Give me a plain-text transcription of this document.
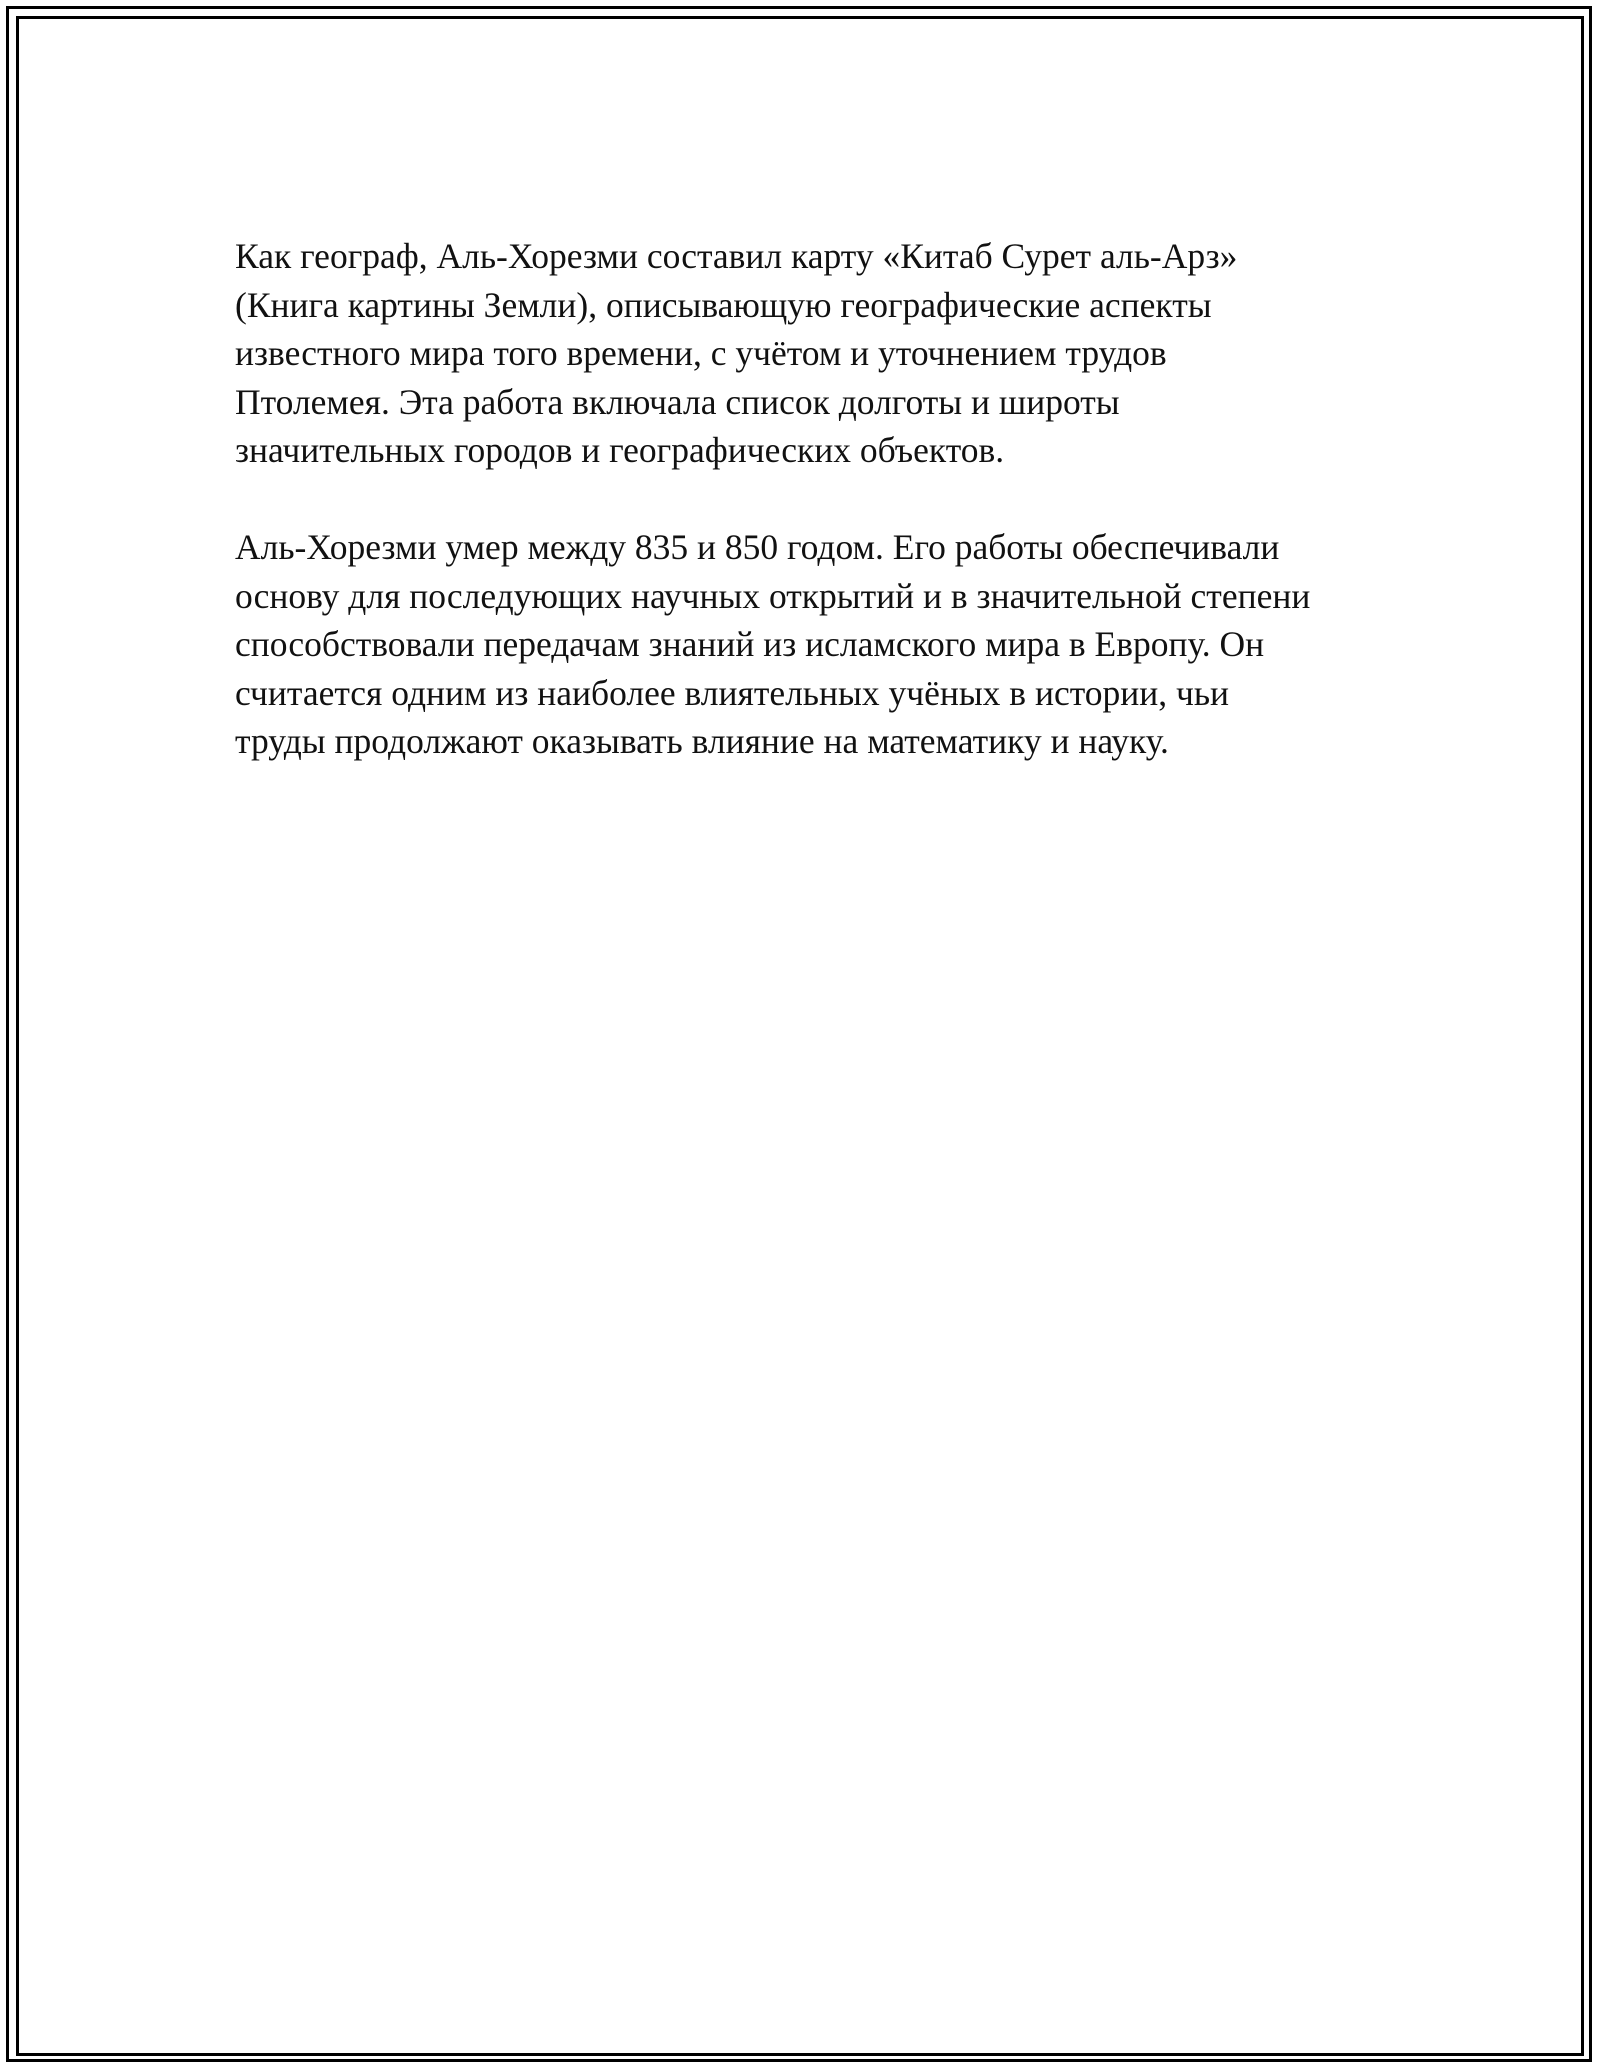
Как географ, Аль-Хорезми составил карту «Китаб Сурет аль-Арз»
(Книга картины Земли), описывающую географические аспекты
известного мира того времени, с учётом и уточнением трудов
Птолемея. Эта работа включала список долготы и широты
значительных городов и географических объектов.

Аль-Хорезми умер между 835 и 850 годом. Его работы обеспечивали
основу для последующих научных открытий и в значительной степени
способствовали передачам знаний из исламского мира в Европу. Он
считается одним из наиболее влиятельных учёных в истории, чьи
труды продолжают оказывать влияние на математику и науку.
